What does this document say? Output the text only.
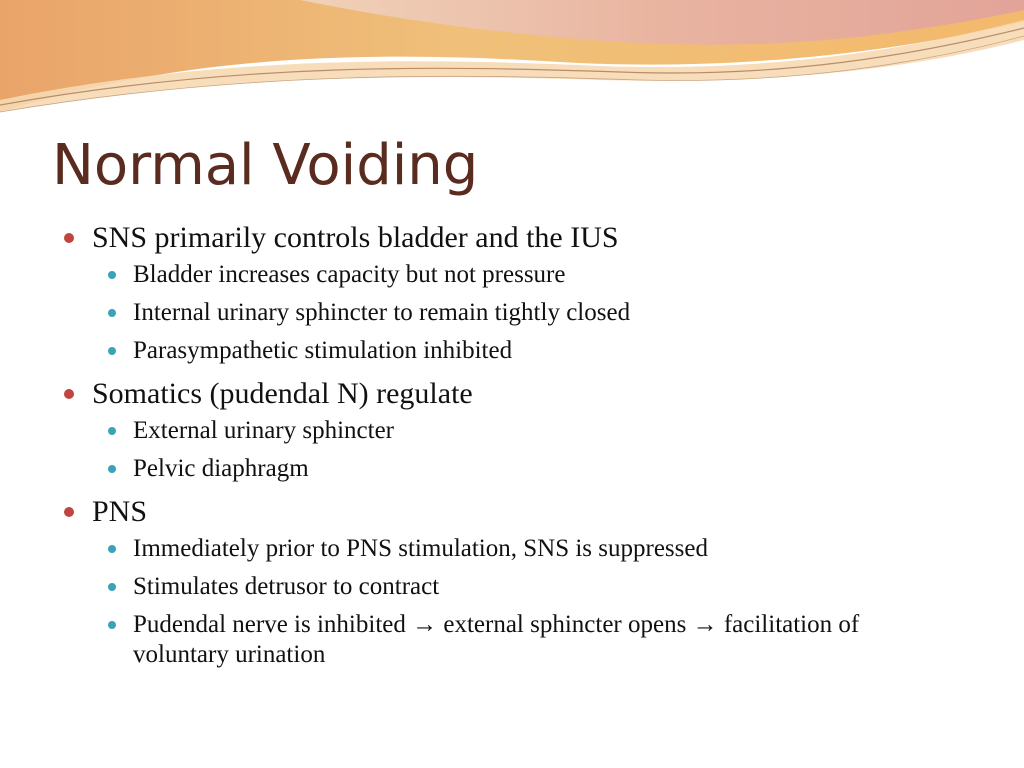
Normal Voiding
SNS primarily controls bladder and the IUS
Bladder increases capacity but not pressure
Internal urinary sphincter to remain tightly closed
Parasympathetic stimulation inhibited
Somatics (pudendal N) regulate
External urinary sphincter
Pelvic diaphragm
PNS
Immediately prior to PNS stimulation, SNS is suppressed
Stimulates detrusor to contract
Pudendal nerve is inhibited → external sphincter opens → facilitation of voluntary urination
